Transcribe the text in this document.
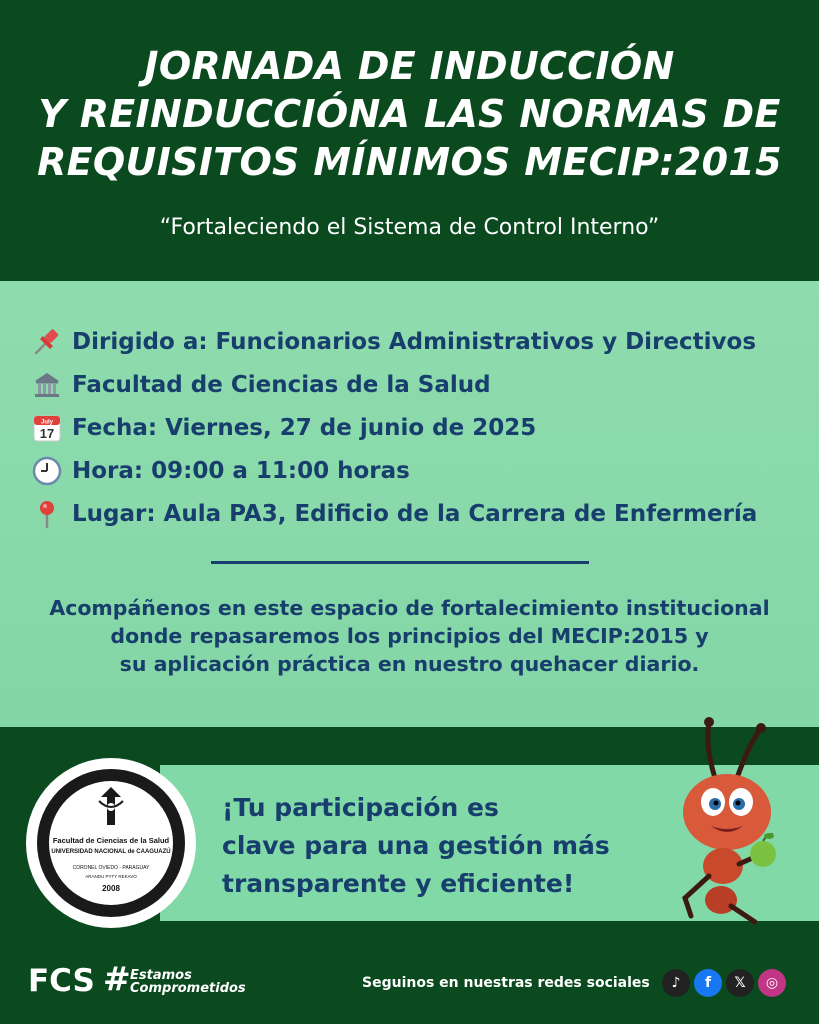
JORNADA DE INDUCCIÓN
Y REINDUCCIÓNA LAS NORMAS DE
REQUISITOS MÍNIMOS MECIP:2015
“Fortaleciendo el Sistema de Control Interno”
Dirigido a: Funcionarios Administrativos y Directivos
Facultad de Ciencias de la Salud
July
17 Fecha: Viernes, 27 de junio de 2025
Hora: 09:00 a 11:00 horas
Lugar: Aula PA3, Edificio de la Carrera de Enfermería
Acompáñenos en este espacio de fortalecimiento institucional
donde repasaremos los principios del MECIP:2015 y
su aplicación práctica en nuestro quehacer diario.
¡Tu participación es
clave para una gestión más
transparente y eficiente!
Facultad de Ciencias de la Salud
UNIVERSIDAD NACIONAL de CAAGUAZÚ
CORONEL OVIEDO - PARAGUAY
ARANDU PYTY REKAVO
2008
FCS # Estamos
Comprometidos	Seguinos en nuestras redes sociales	♪	f	𝕏	◎
